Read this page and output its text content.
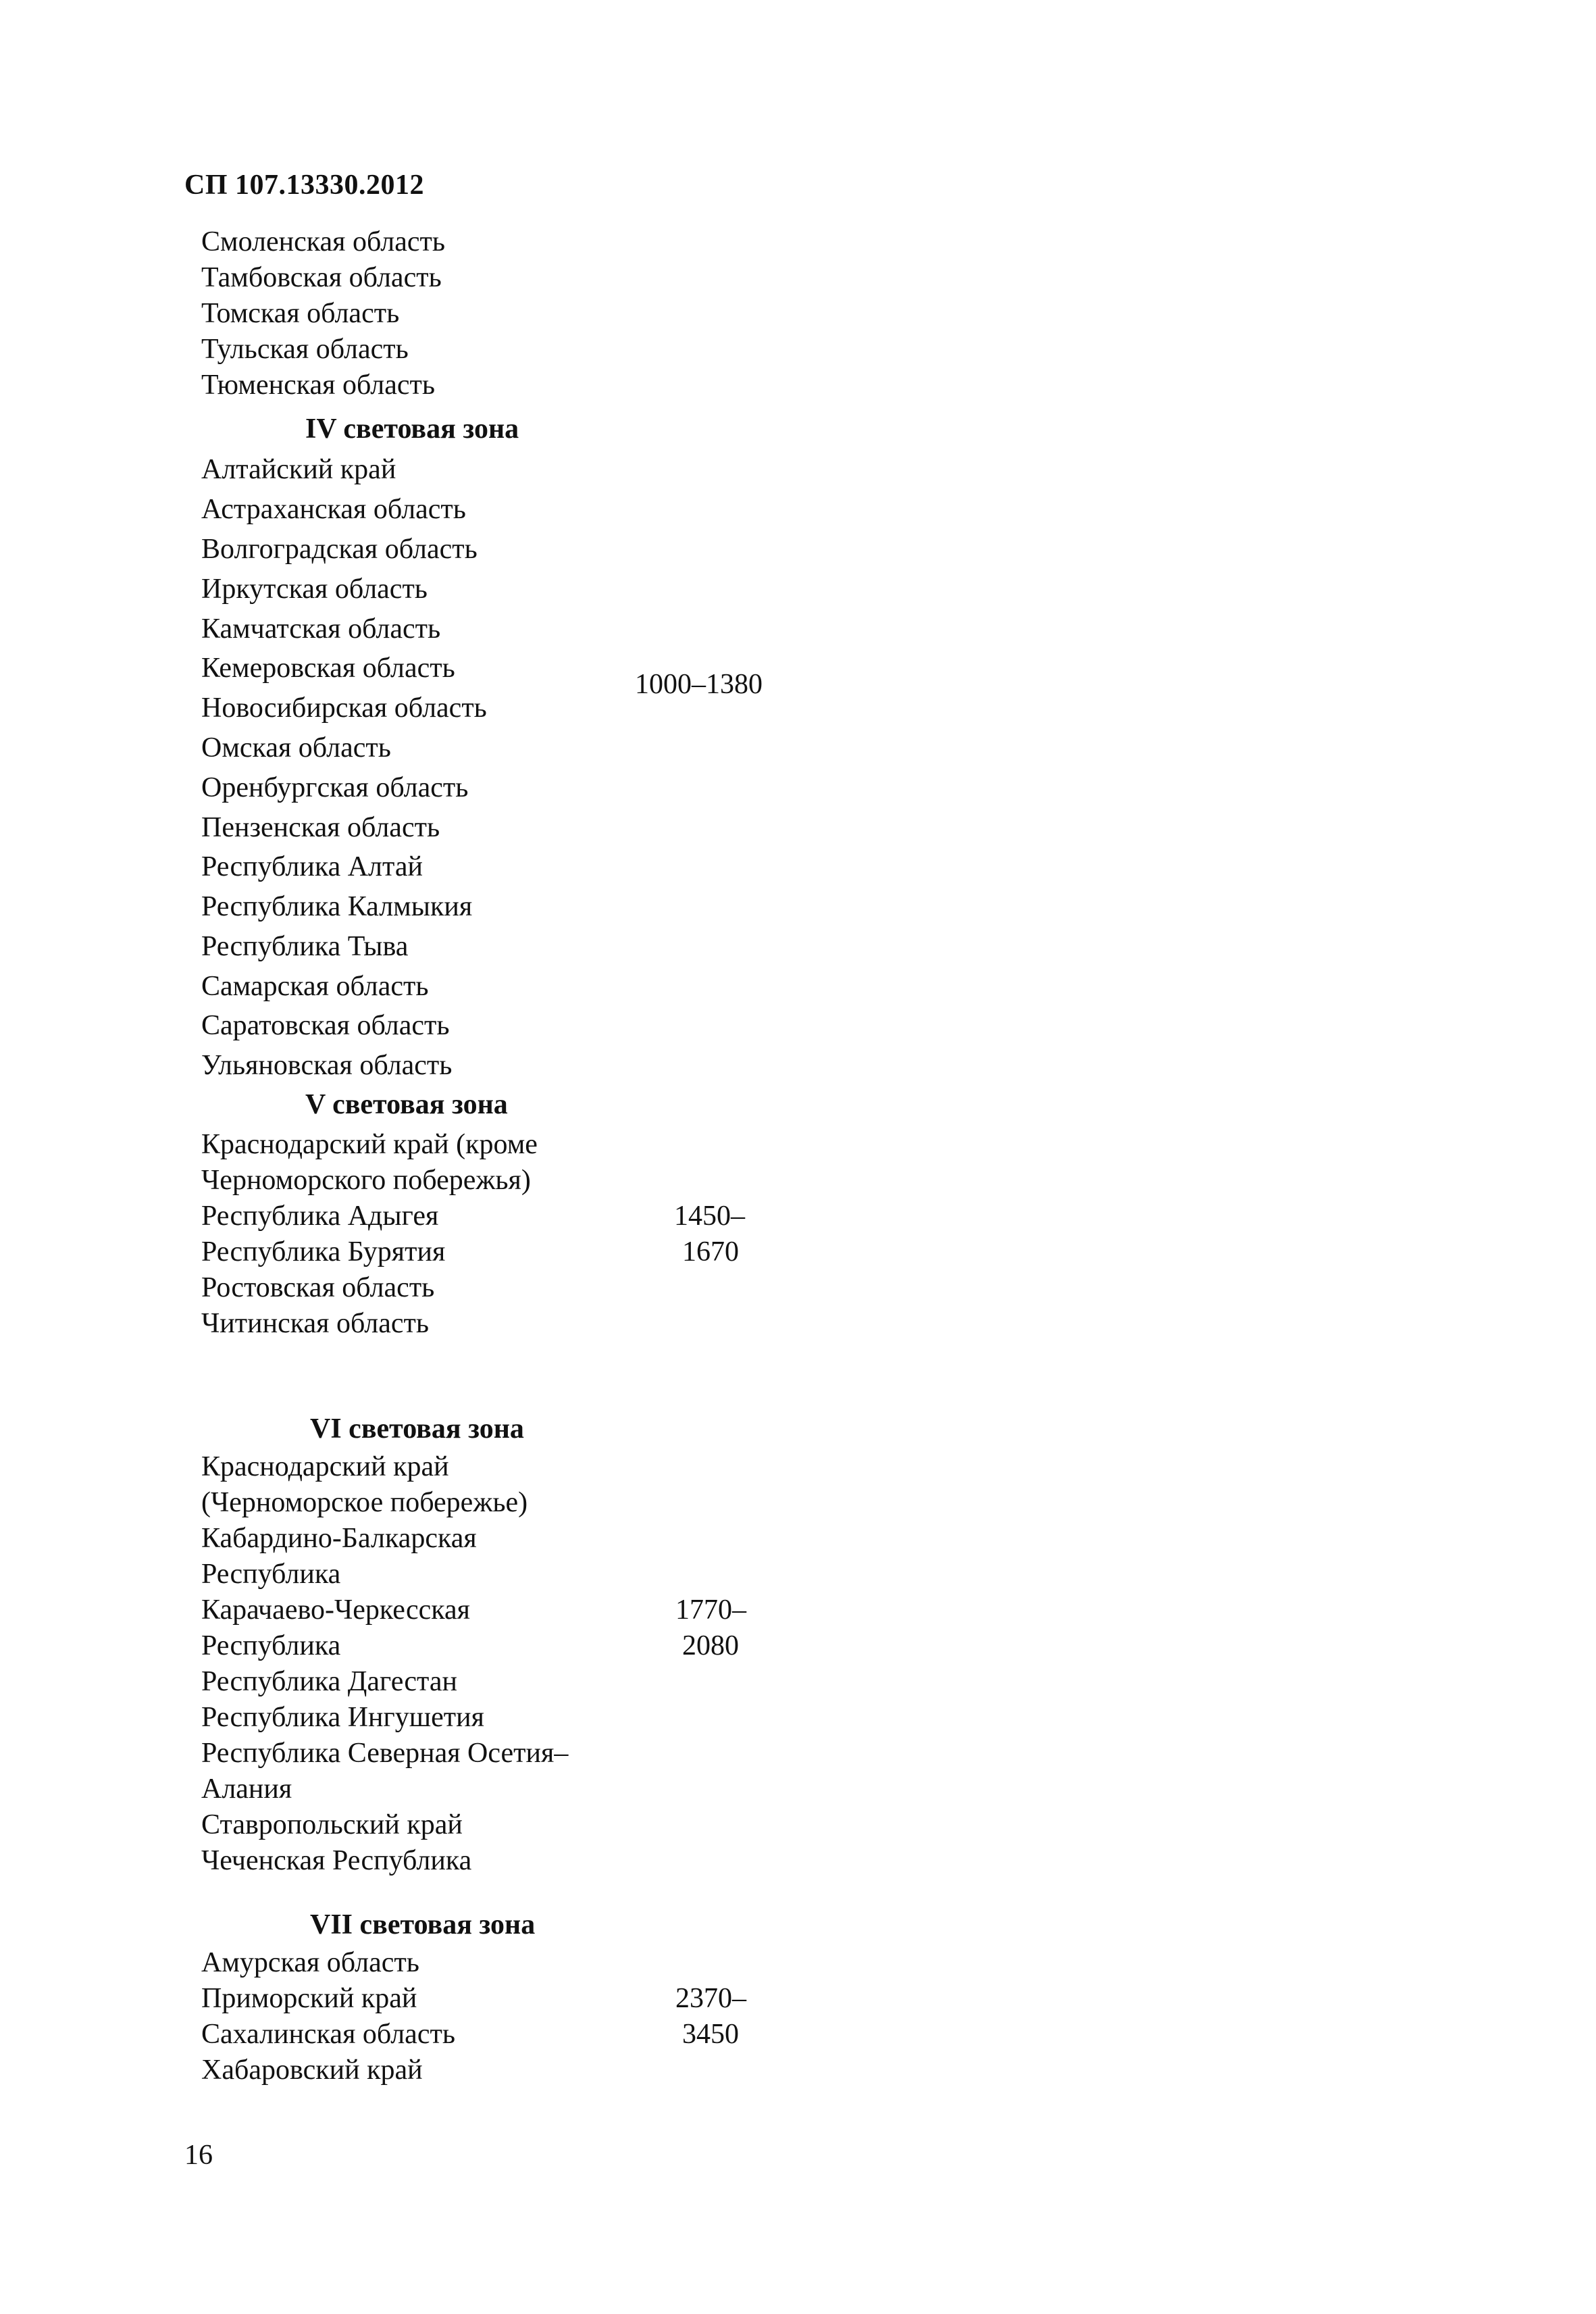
СП 107.13330.2012
Смоленская область
Тамбовская область
Томская область
Тульская область
Тюменская область
IV световая зона
Алтайский край
Астраханская область
Волгоградская область
Иркутская область
Камчатская область
Кемеровская область
Новосибирская область
Омская область
Оренбургская область
Пензенская область
Республика Алтай
Республика Калмыкия
Республика Тыва
Самарская область
Саратовская область
Ульяновская область
1000–1380
V световая зона
Краснодарский край (кроме
Черноморского побережья)
Республика Адыгея
Республика Бурятия
Ростовская область
Читинская область
1450–
1670
VI световая зона
Краснодарский край
(Черноморское побережье)
Кабардино-Балкарская
Республика
Карачаево-Черкесская
Республика
Республика Дагестан
Республика Ингушетия
Республика Северная Осетия–
Алания
Ставропольский край
Чеченская Республика
1770–
2080
VII световая зона
Амурская область
Приморский край
Сахалинская область
Хабаровский край
2370–
3450
16
